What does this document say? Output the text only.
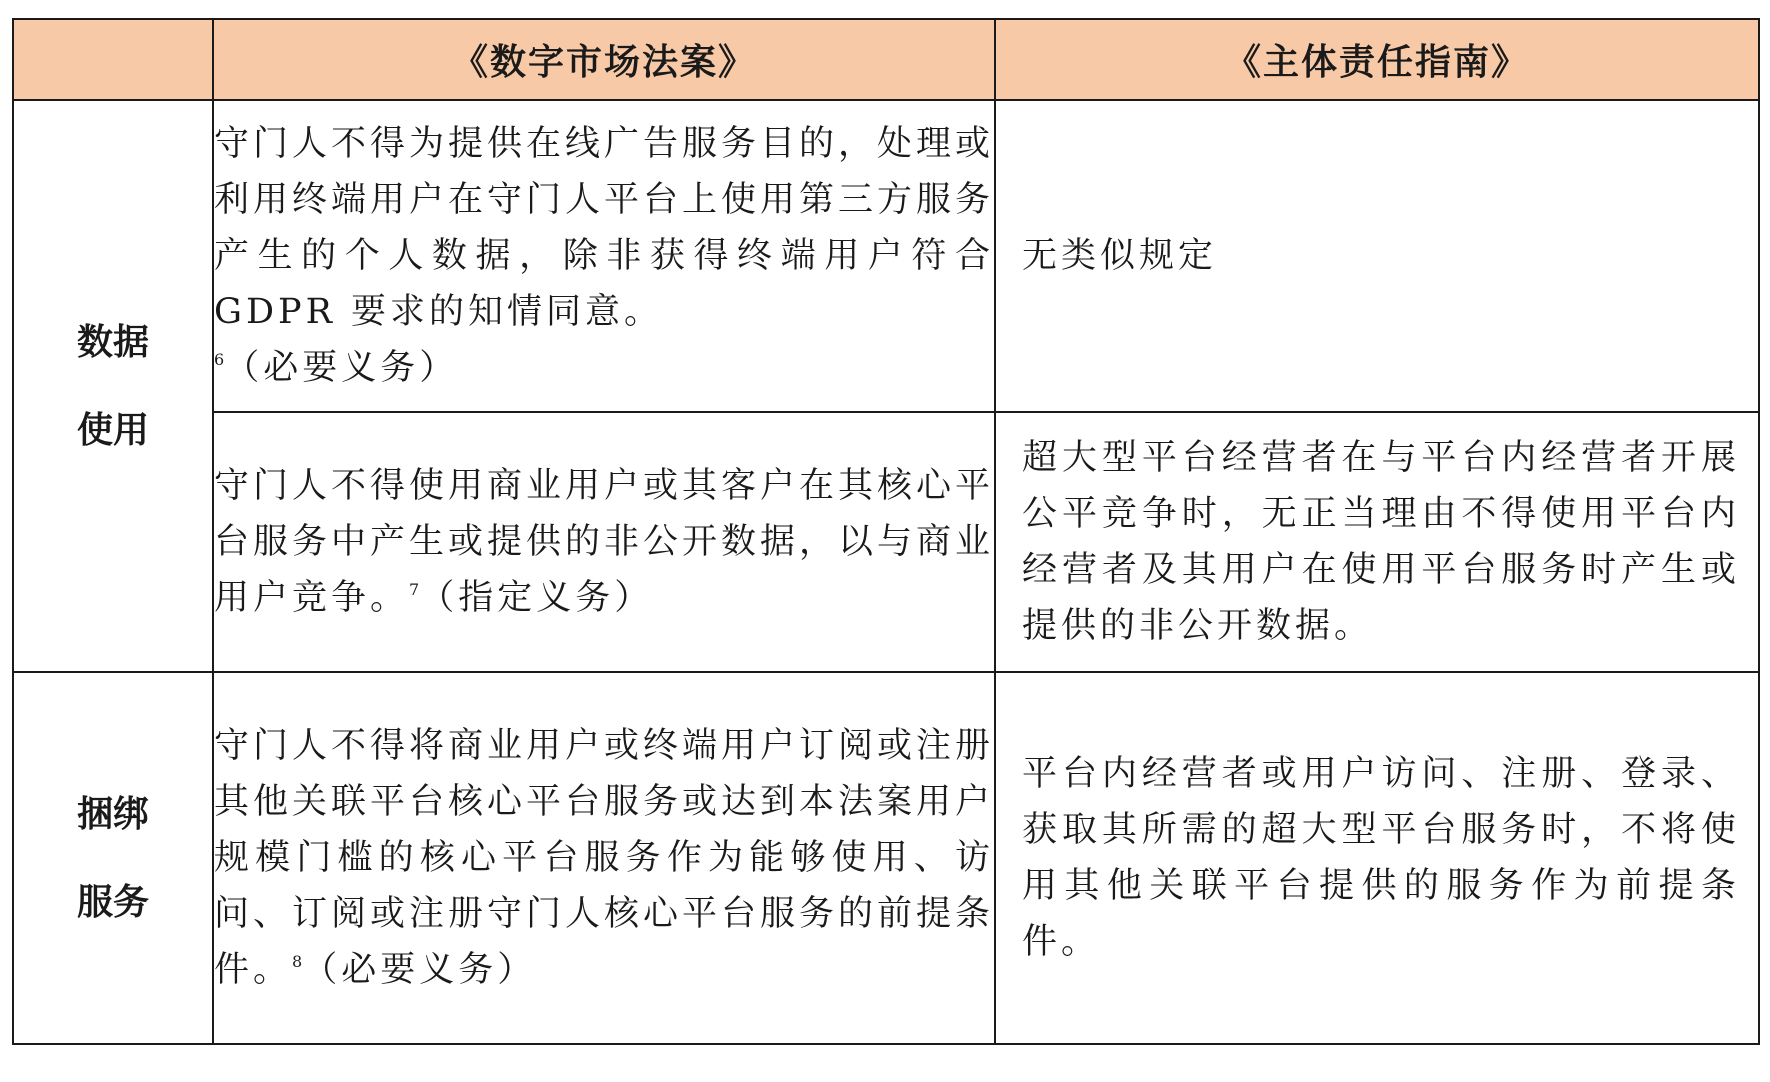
	《数字市场法案》	《主体责任指南》

数据
使用	守门人不得为提供在线广告服务目的，处理或利用终端用户在守门人平台上使用第三方服务产生的个人数据，除非获得终端用户符合 GDPR 要求的知情同意。
$^6$（必要义务）	无类似规定
	守门人不得使用商业用户或其客户在其核心平台服务中产生或提供的非公开数据，以与商业用户竞争。$^7$（指定义务）	超大型平台经营者在与平台内经营者开展公平竞争时，无正当理由不得使用平台内经营者及其用户在使用平台服务时产生或提供的非公开数据。

捆绑
服务	守门人不得将商业用户或终端用户订阅或注册其他关联平台核心平台服务或达到本法案用户规模门槛的核心平台服务作为能够使用、访问、订阅或注册守门人核心平台服务的前提条件。$^8$（必要义务）	平台内经营者或用户访问、注册、登录、获取其所需的超大型平台服务时，不将使用其他关联平台提供的服务作为前提条件。
